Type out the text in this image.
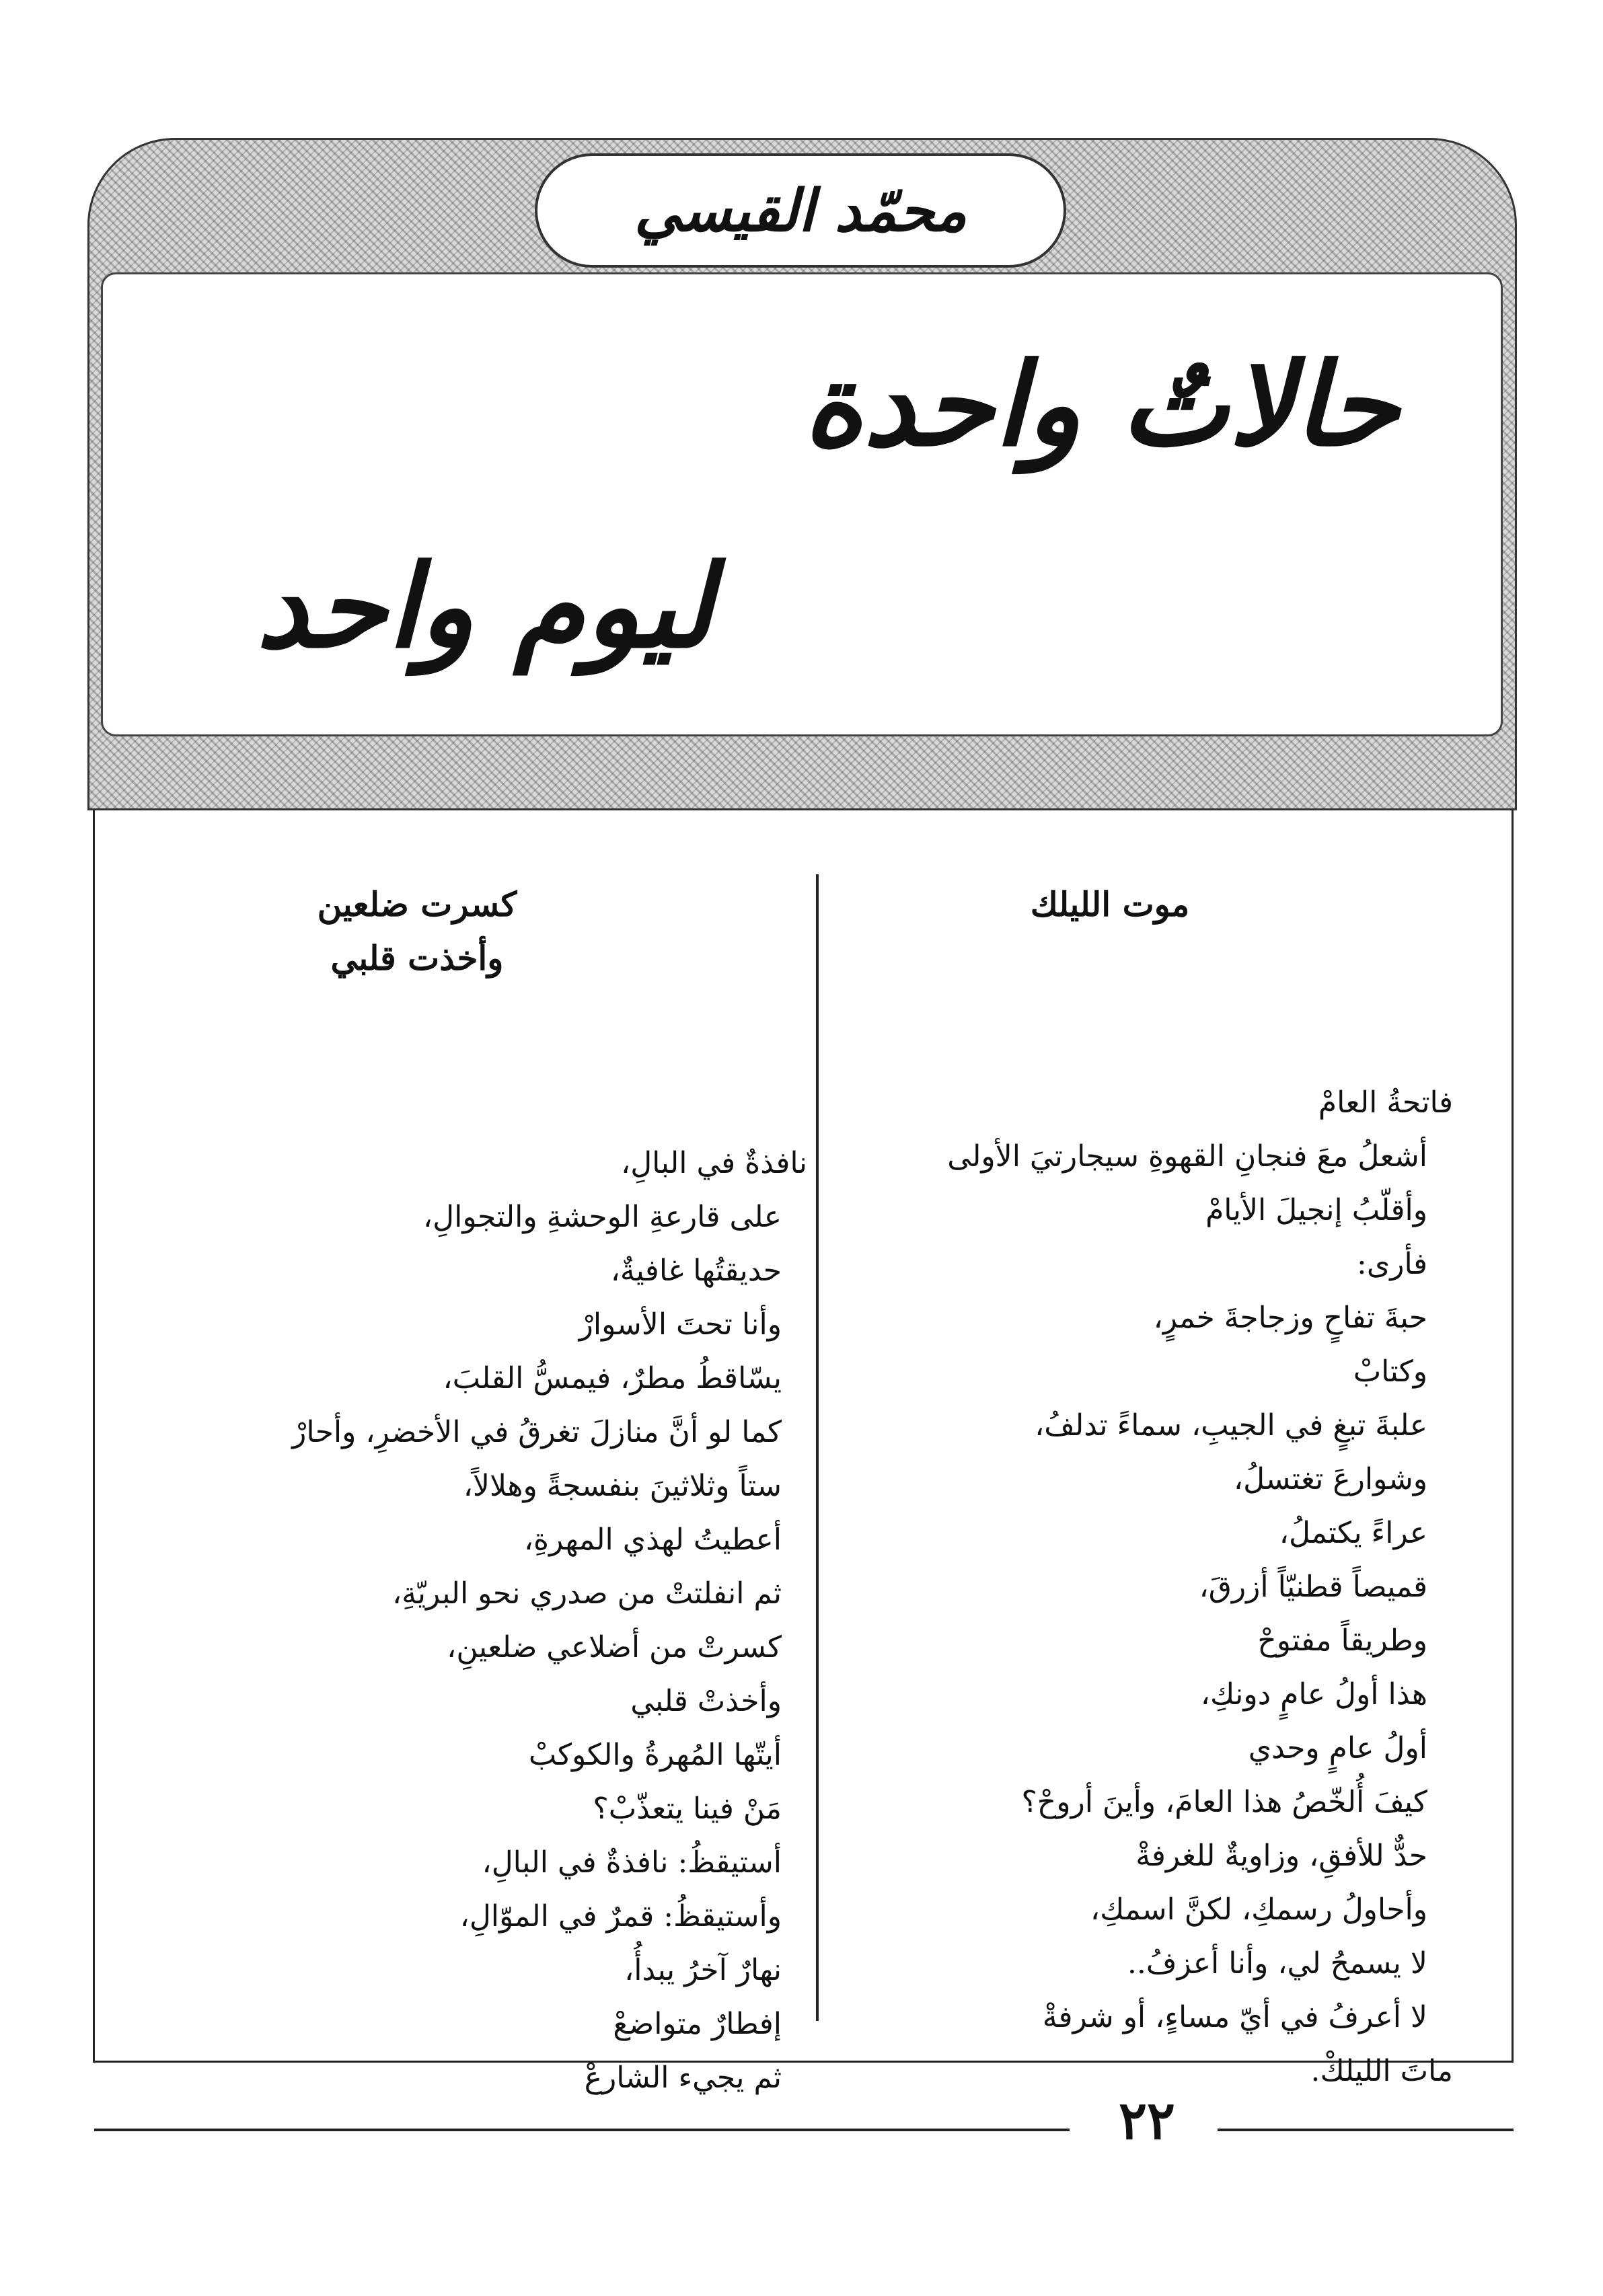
محمّد القيسي
حالاتٌ واحدة
ليوم واحد
موت الليلك
فاتحةُ العامْ
أشعلُ معَ فنجانِ القهوةِ سيجارتيَ الأولى
وأقلّبُ إنجيلَ الأيامْ
فأرى:
حبةَ تفاحٍ وزجاجةَ خمرٍ،
وكتابْ
علبةَ تبغٍ في الجيبِ، سماءً تدلفُ،
وشوارعَ تغتسلُ،
عراءً يكتملُ،
قميصاً قطنيّاً أزرقَ،
وطريقاً مفتوحْ
هذا أولُ عامٍ دونكِ،
أولُ عامٍ وحدي
كيفَ أُلخّصُ هذا العامَ، وأينَ أروحْ؟
حدٌّ للأفقِ، وزاويةٌ للغرفةْ
وأحاولُ رسمكِ، لكنَّ اسمكِ،
لا يسمحُ لي، وأنا أعزفُ..
لا أعرفُ في أيّ مساءٍ، أو شرفةْ
ماتَ الليلكْ.
كسرت ضلعين
وأخذت قلبي
نافذةٌ في البالِ،
على قارعةِ الوحشةِ والتجوالِ،
حديقتُها غافيةٌ،
وأنا تحتَ الأسوارْ
يسّاقطُ مطرٌ، فيمسُّ القلبَ،
كما لو أنَّ منازلَ تغرقُ في الأخضرِ، وأحارْ
ستاً وثلاثينَ بنفسجةً وهلالاً،
أعطيتُ لهذي المهرةِ،
ثم انفلتتْ من صدري نحو البريّةِ،
كسرتْ من أضلاعي ضلعينِ،
وأخذتْ قلبي
أيتّها المُهرةُ والكوكبْ
مَنْ فينا يتعذّبْ؟
أستيقظُ: نافذةٌ في البالِ،
وأستيقظُ: قمرٌ في الموّالِ،
نهارٌ آخرُ يبدأُ،
إفطارٌ متواضعْ
ثم يجيء الشارعْ
٢٢
